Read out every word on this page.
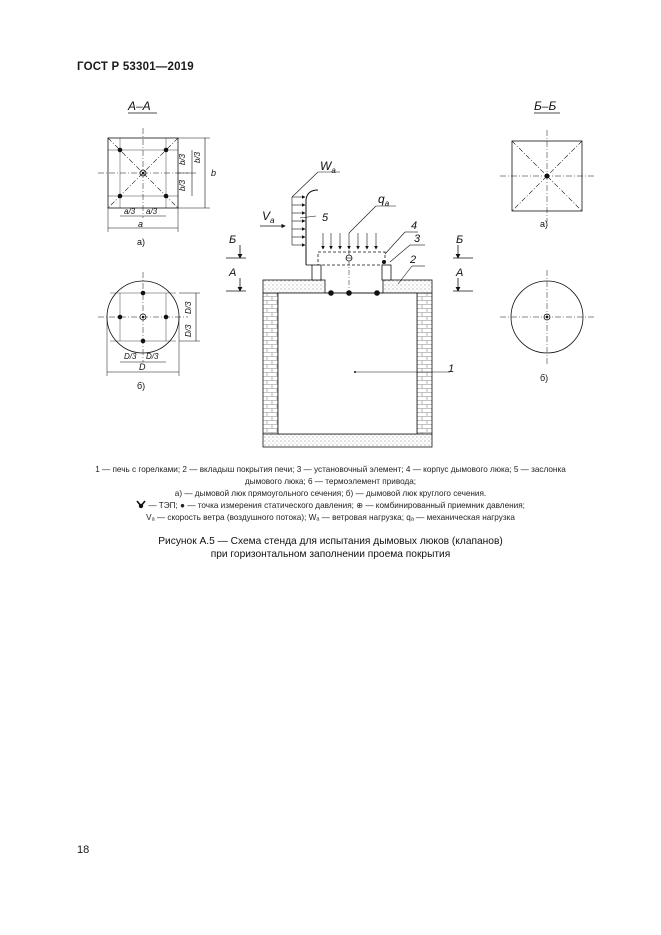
ГОСТ Р 53301—2019
А–А
b/3 b/3
b/3
b
a/3 a/3
a
а)
D/3
D/3
D/3 D/3
D
б)
Б–Б
а)
б)
Б
А
Б
А
$W_a$
$V_a$
$q_a$
1
2
3
4
5
1 — печь с горелками; 2 — вкладыш покрытия печи; 3 — установочный элемент; 4 — корпус дымового люка; 5 — заслонка
дымового люка; 6 — термоэлемент привода;
а) — дымовой люк прямоугольного сечения; б) — дымовой люк круглого сечения.
— ТЭП; ● — точка измерения статического давления; ⊕ — комбинированный приемник давления;
Vₐ — скорость ветра (воздушного потока); Wₐ — ветровая нагрузка; qₐ — механическая нагрузка
Рисунок А.5 — Схема стенда для испытания дымовых люков (клапанов)
при горизонтальном заполнении проема покрытия
18
